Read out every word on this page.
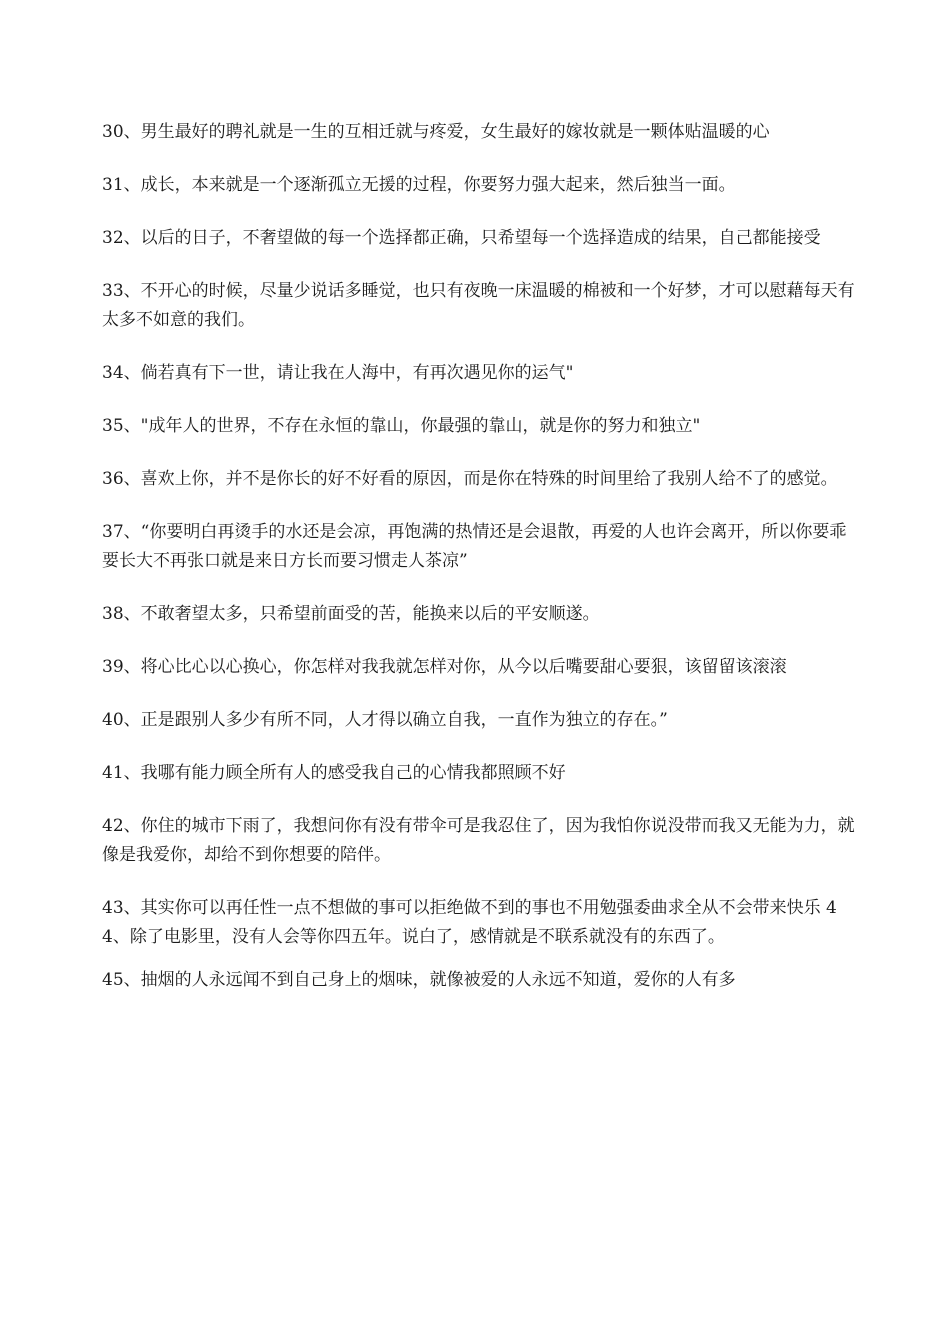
30、男生最好的聘礼就是一生的互相迁就与疼爱，女生最好的嫁妆就是一颗体贴温暖的心

31、成长，本来就是一个逐渐孤立无援的过程，你要努力强大起来，然后独当一面。

32、以后的日子，不奢望做的每一个选择都正确，只希望每一个选择造成的结果，自己都能接受

33、不开心的时候，尽量少说话多睡觉，也只有夜晚一床温暖的棉被和一个好梦，才可以慰藉每天有太多不如意的我们。

34、倘若真有下一世，请让我在人海中，有再次遇见你的运气"

35、"成年人的世界，不存在永恒的靠山，你最强的靠山，就是你的努力和独立"

36、喜欢上你，并不是你长的好不好看的原因，而是你在特殊的时间里给了我别人给不了的感觉。

37、“你要明白再烫手的水还是会凉，再饱满的热情还是会退散，再爱的人也许会离开，所以你要乖要长大不再张口就是来日方长而要习惯走人茶凉”

38、不敢奢望太多，只希望前面受的苦，能换来以后的平安顺遂。

39、将心比心以心换心，你怎样对我我就怎样对你，从今以后嘴要甜心要狠，该留留该滚滚

40、正是跟别人多少有所不同，人才得以确立自我，一直作为独立的存在。”

41、我哪有能力顾全所有人的感受我自己的心情我都照顾不好

42、你住的城市下雨了，我想问你有没有带伞可是我忍住了，因为我怕你说没带而我又无能为力，就像是我爱你，却给不到你想要的陪伴。

43、其实你可以再任性一点不想做的事可以拒绝做不到的事也不用勉强委曲求全从不会带来快乐 44、除了电影里，没有人会等你四五年。说白了，感情就是不联系就没有的东西了。

45、抽烟的人永远闻不到自己身上的烟味，就像被爱的人永远不知道，爱你的人有多
